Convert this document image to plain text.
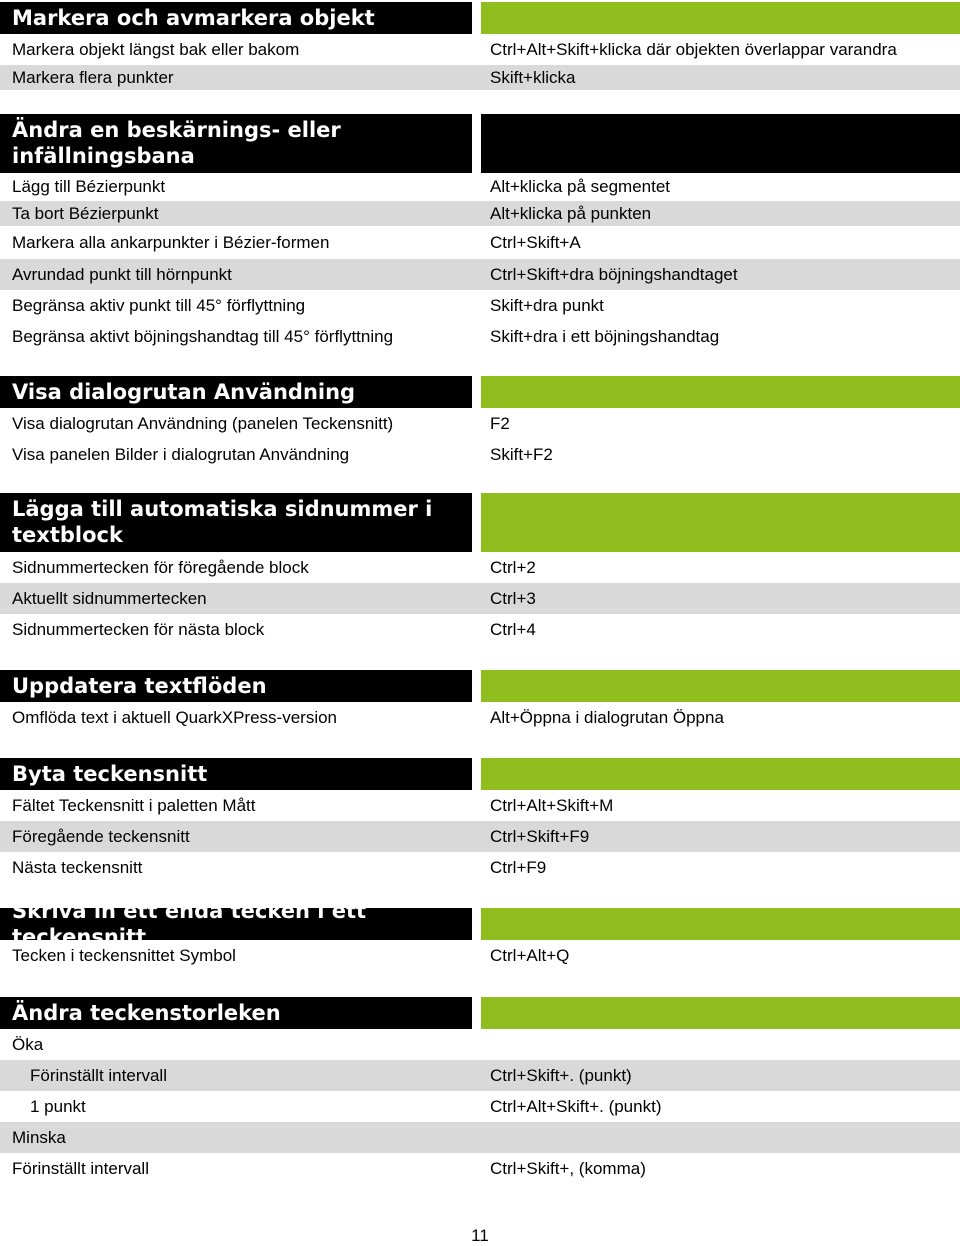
Markera och avmarkera objekt
Markera objekt längst bak eller bakom	Ctrl+Alt+Skift+klicka där objekten överlappar varandra
Markera flera punkter	Skift+klicka
Ändra en beskärnings- eller infällningsbana
Lägg till Bézierpunkt	Alt+klicka på segmentet
Ta bort Bézierpunkt	Alt+klicka på punkten
Markera alla ankarpunkter i Bézier-formen	Ctrl+Skift+A
Avrundad punkt till hörnpunkt	Ctrl+Skift+dra böjningshandtaget
Begränsa aktiv punkt till 45° förflyttning	Skift+dra punkt
Begränsa aktivt böjningshandtag till 45° förflyttning	Skift+dra i ett böjningshandtag
Visa dialogrutan Användning
Visa dialogrutan Användning (panelen Teckensnitt)	F2
Visa panelen Bilder i dialogrutan Användning	Skift+F2
Lägga till automatiska sidnummer i textblock
Sidnummertecken för föregående block	Ctrl+2
Aktuellt sidnummertecken	Ctrl+3
Sidnummertecken för nästa block	Ctrl+4
Uppdatera textflöden
Omflöda text i aktuell QuarkXPress-version	Alt+Öppna i dialogrutan Öppna
Byta teckensnitt
Fältet Teckensnitt i paletten Mått	Ctrl+Alt+Skift+M
Föregående teckensnitt	Ctrl+Skift+F9
Nästa teckensnitt	Ctrl+F9
Skriva in ett enda tecken i ett teckensnitt
Tecken i teckensnittet Symbol	Ctrl+Alt+Q
Ändra teckenstorleken
Öka
Förinställt intervall	Ctrl+Skift+. (punkt)
1 punkt	Ctrl+Alt+Skift+. (punkt)
Minska
Förinställt intervall	Ctrl+Skift+, (komma)
11
